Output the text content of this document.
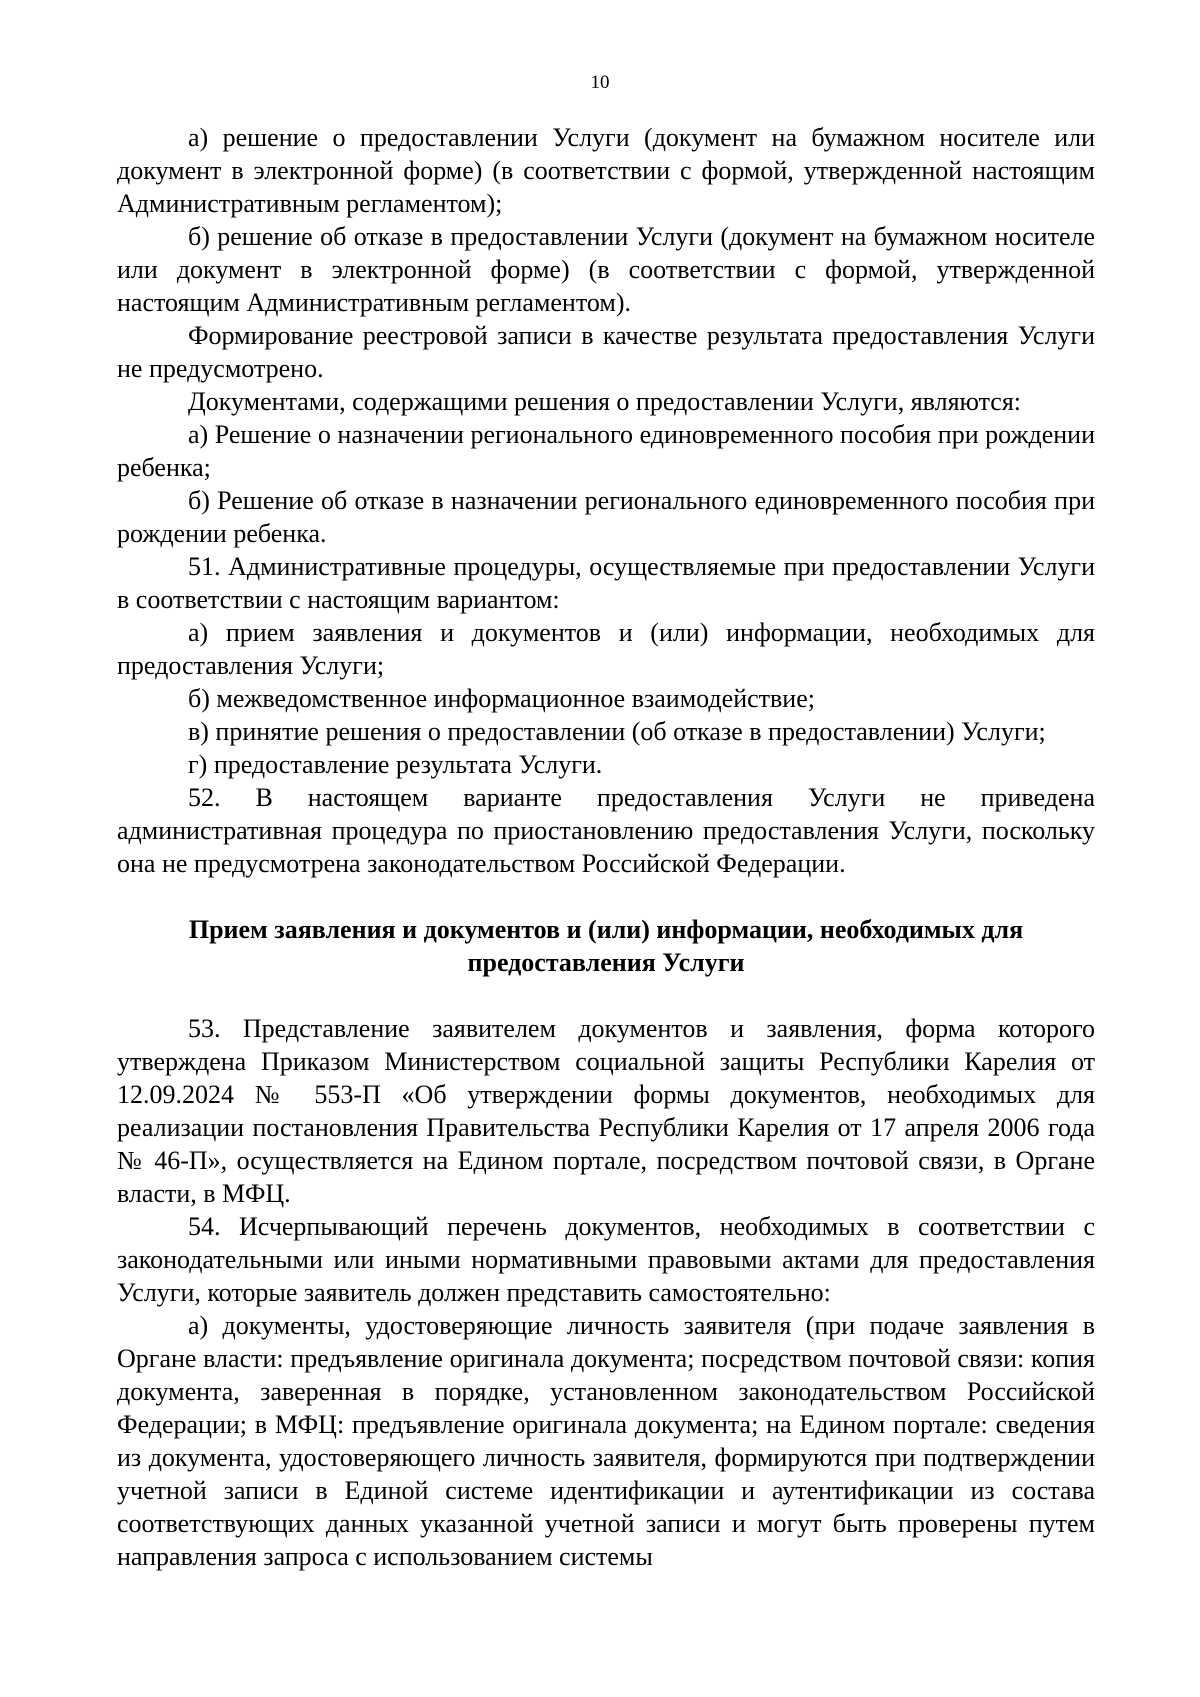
10

а) решение о предоставлении Услуги (документ на бумажном носителе или документ в электронной форме) (в соответствии с формой, утвержденной настоящим Административным регламентом);

б) решение об отказе в предоставлении Услуги (документ на бумажном носителе или документ в электронной форме) (в соответствии с формой, утвержденной настоящим Административным регламентом).

Формирование реестровой записи в качестве результата предоставления Услуги не предусмотрено.

Документами, содержащими решения о предоставлении Услуги, являются:

а) Решение о назначении регионального единовременного пособия при рождении ребенка;

б) Решение об отказе в назначении регионального единовременного пособия при рождении ребенка.

51. Административные процедуры, осуществляемые при предоставлении Услуги в соответствии с настоящим вариантом:

а) прием заявления и документов и (или) информации, необходимых для предоставления Услуги;

б) межведомственное информационное взаимодействие;

в) принятие решения о предоставлении (об отказе в предоставлении) Услуги;

г) предоставление результата Услуги.

52. В настоящем варианте предоставления Услуги не приведена административная процедура по приостановлению предоставления Услуги, поскольку она не предусмотрена законодательством Российской Федерации.

Прием заявления и документов и (или) информации, необходимых для предоставления Услуги

53. Представление заявителем документов и заявления, форма которого утверждена Приказом Министерством социальной защиты Республики Карелия от 12.09.2024 № 553-П «Об утверждении формы документов, необходимых для реализации постановления Правительства Республики Карелия от 17 апреля 2006 года № 46-П», осуществляется на Едином портале, посредством почтовой связи, в Органе власти, в МФЦ.

54. Исчерпывающий перечень документов, необходимых в соответствии с законодательными или иными нормативными правовыми актами для предоставления Услуги, которые заявитель должен представить самостоятельно:

а) документы, удостоверяющие личность заявителя (при подаче заявления в Органе власти: предъявление оригинала документа; посредством почтовой связи: копия документа, заверенная в порядке, установленном законодательством Российской Федерации; в МФЦ: предъявление оригинала документа; на Едином портале: сведения из документа, удостоверяющего личность заявителя, формируются при подтверждении учетной записи в Единой системе идентификации и аутентификации из состава соответствующих данных указанной учетной записи и могут быть проверены путем направления запроса с использованием системы
